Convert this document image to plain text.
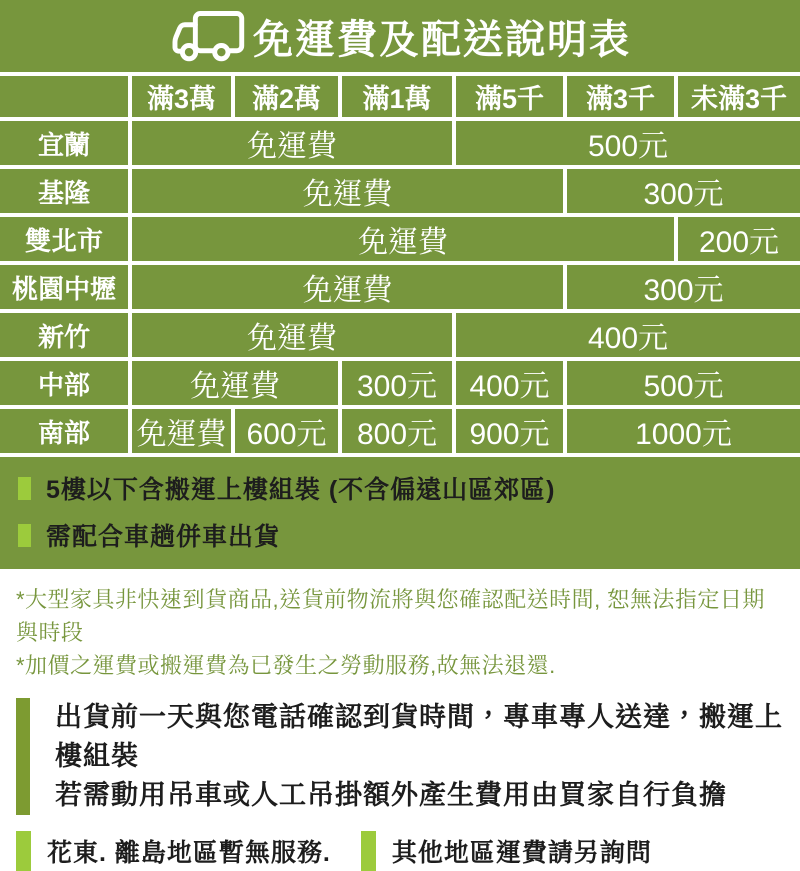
免運費及配送說明表
	滿3萬	滿2萬	滿1萬	滿5千	滿3千	未滿3千
宜蘭	免運費			500元		
基隆	免運費				300元	
雙北市	免運費					200元
桃園中壢	免運費				300元	
新竹	免運費			400元		
中部	免運費		300元	400元	500元	
南部	免運費	600元	800元	900元	1000元	
5樓以下含搬運上樓組裝 (不含偏遠山區郊區)
需配合車趟併車出貨
*大型家具非快速到貨商品,送貨前物流將與您確認配送時間, 恕無法指定日期與時段
*加價之運費或搬運費為已發生之勞動服務,故無法退還.
出貨前一天與您電話確認到貨時間，專車專人送達，搬運上樓組裝
若需動用吊車或人工吊掛額外產生費用由買家自行負擔
花東. 離島地區暫無服務. 其他地區運費請另詢問
